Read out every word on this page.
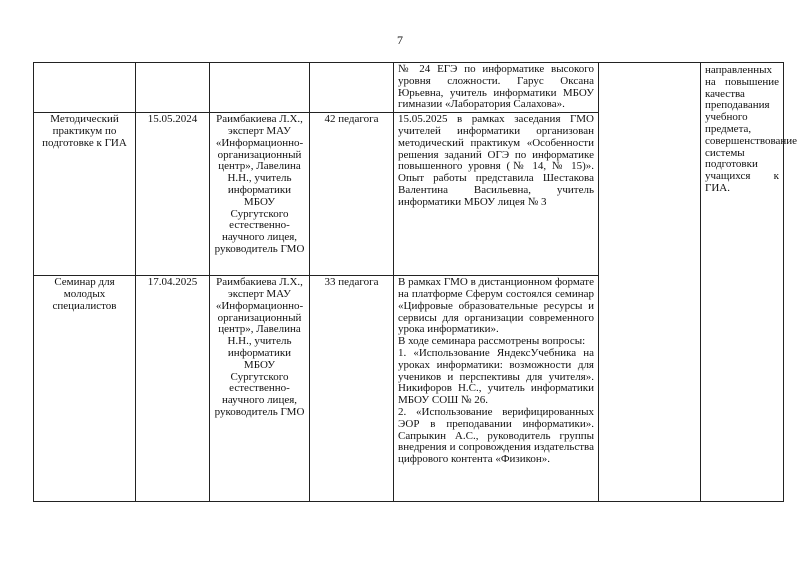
7
				№ 24 ЕГЭ по информатике высокого уровня сложности. Гарус Оксана Юрьевна, учитель информатики МБОУ гимназии «Лаборатория Салахова».		направленных на повышение качества преподавания учебного предмета, совершенствование системы подготовки учащихся к ГИА.
Методический практикум по подготовке к ГИА	15.05.2024	Раимбакиева Л.Х., эксперт МАУ «Информационно-организационный центр», Лавелина Н.Н., учитель информатики МБОУ Сургутского естественно-научного лицея, руководитель ГМО	42 педагога	15.05.2025 в рамках заседания ГМО учителей информатики организован методический практикум «Особенности решения заданий ОГЭ по информатике повышенного уровня (№ 14, № 15)». Опыт работы представила Шестакова Валентина Васильевна, учитель информатики МБОУ лицея № 3		
Семинар для молодых специалистов	17.04.2025	Раимбакиева Л.Х., эксперт МАУ «Информационно-организационный центр», Лавелина Н.Н., учитель информатики МБОУ Сургутского естественно-научного лицея, руководитель ГМО	33 педагога	В рамках ГМО в дистанционном формате на платформе Сферум состоялся семинар «Цифровые образовательные ресурсы и сервисы для организации современного урока информатики».
В ходе семинара рассмотрены вопросы:
1. «Использование ЯндексУчебника на уроках информатики: возможности для учеников и перспективы для учителя». Никифоров Н.С., учитель информатики МБОУ СОШ № 26.
2. «Использование верифицированных ЭОР в преподавании информатики». Сапрыкин А.С., руководитель группы внедрения и сопровождения издательства цифрового контента «Физикон».		
